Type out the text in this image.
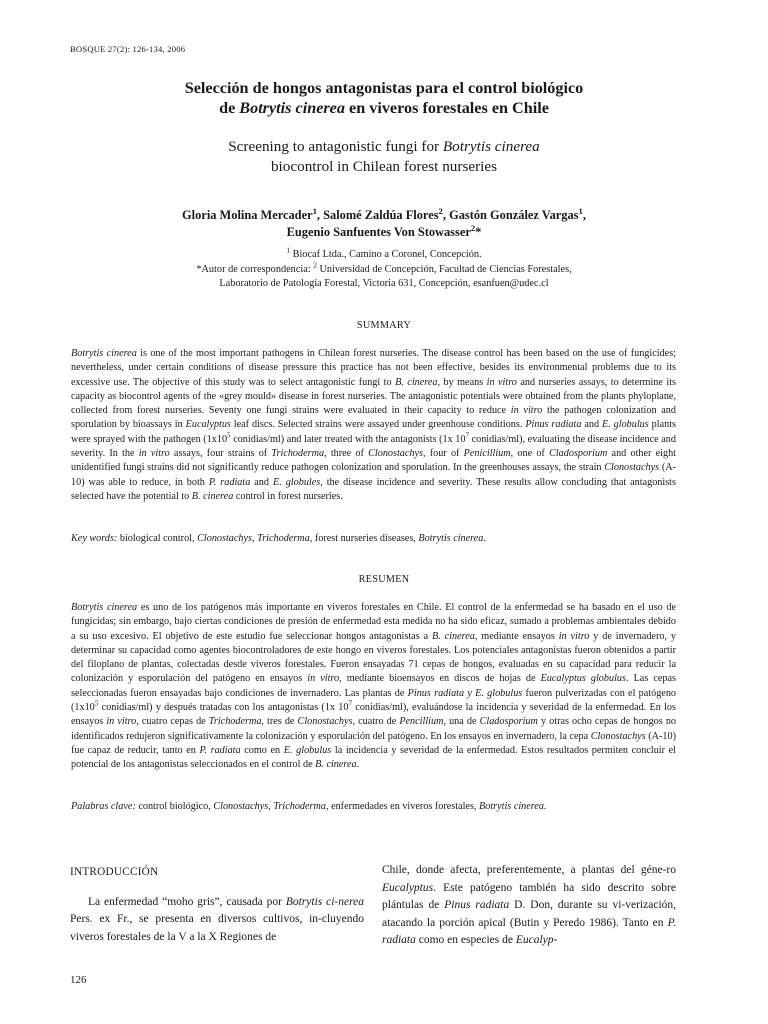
BOSQUE 27(2): 126-134, 2006
Selección de hongos antagonistas para el control biológico
de Botrytis cinerea en viveros forestales en Chile
Screening to antagonistic fungi for Botrytis cinerea
biocontrol in Chilean forest nurseries
Gloria Molina Mercader$^1$, Salomé Zaldúa Flores$^2$, Gastón González Vargas$^1$,
Eugenio Sanfuentes Von Stowasser$^2$*
$^1$ Biocaf Ltda., Camino a Coronel, Concepción.
*Autor de correspondencia: $^2$ Universidad de Concepción, Facultad de Ciencias Forestales,
Laboratorio de Patología Forestal, Victoria 631, Concepción, esanfuen@udec.cl
SUMMARY

Botrytis cinerea is one of the most important pathogens in Chilean forest nurseries. The disease control has been based on the use of fungicides; nevertheless, under certain conditions of disease pressure this practice has not been effective, besides its environmental problems due to its excessive use. The objective of this study was to select antagonistic fungi to B. cinerea, by means in vitro and nurseries assays, to determine its capacity as biocontrol agents of the «grey mould» disease in forest nurseries. The antagonistic potentials were obtained from the plants phyloplane, collected from forest nurseries. Seventy one fungi strains were evaluated in their capacity to reduce in vitro the pathogen colonization and sporulation by bioassays in Eucalyptus leaf discs. Selected strains were assayed under greenhouse conditions. Pinus radiata and E. globulus plants were sprayed with the pathogen ($1x10^5$ conidias/ml) and later treated with the antagonists (1x $10^7$ conidias/ml), evaluating the disease incidence and severity. In the in vitro assays, four strains of Trichoderma, three of Clonostachys, four of Penicillium, one of Cladosporium and other eight unidentified fungi strains did not significantly reduce pathogen colonization and sporulation. In the greenhouses assays, the strain Clonostachys (A-10) was able to reduce, in both P. radiata and E. globules, the disease incidence and severity. These results allow concluding that antagonists selected have the potential to B. cinerea control in forest nurseries.

Key words: biological control, Clonostachys, Trichoderma, forest nurseries diseases, Botrytis cinerea.
RESUMEN

Botrytis cinerea es uno de los patógenos más importante en viveros forestales en Chile. El control de la enfermedad se ha basado en el uso de fungicidas; sin embargo, bajo ciertas condiciones de presión de enfermedad esta medida no ha sido eficaz, sumado a problemas ambientales debido a su uso excesivo. El objetivo de este estudio fue seleccionar hongos antagonistas a B. cinerea, mediante ensayos in vitro y de invernadero, y determinar su capacidad como agentes biocontroladores de este hongo en viveros forestales. Los potenciales antagonistas fueron obtenidos a partir del filoplano de plantas, colectadas desde viveros forestales. Fueron ensayadas 71 cepas de hongos, evaluadas en su capacidad para reducir la colonización y esporulación del patógeno en ensayos in vitro, mediante bioensayos en discos de hojas de Eucalyptus globulus. Las cepas seleccionadas fueron ensayadas bajo condiciones de invernadero. Las plantas de Pinus radiata y E. globulus fueron pulverizadas con el patógeno ($1x10^5$ conidias/ml) y después tratadas con los antagonistas (1x $10^7$ conidias/ml), evaluándose la incidencia y severidad de la enfermedad. En los ensayos in vitro, cuatro cepas de Trichoderma, tres de Clonostachys, cuatro de Pencillium, una de Cladosporium y otras ocho cepas de hongos no identificados redujeron significativamente la colonización y esporulación del patógeno. En los ensayos en invernadero, la cepa Clonostachys (A-10) fue capaz de reducir, tanto en P. radiata como en E. globulus la incidencia y severidad de la enfermedad. Estos resultados permiten concluir el potencial de los antagonistas seleccionados en el control de B. cinerea.

Palabras clave: control biológico, Clonostachys, Trichoderma, enfermedades en viveros forestales, Botrytis cinerea.
INTRODUCCIÓN

La enfermedad “moho gris”, causada por Botrytis ci-nerea Pers. ex Fr., se presenta en diversos cultivos, in-cluyendo viveros forestales de la V a la X Regiones de

Chile, donde afecta, preferentemente, a plantas del géne-ro Eucalyptus. Este patógeno también ha sido descrito sobre plántulas de Pinus radiata D. Don, durante su vi-verización, atacando la porción apical (Butin y Peredo 1986). Tanto en P. radiata como en especies de Eucalyp-

126
